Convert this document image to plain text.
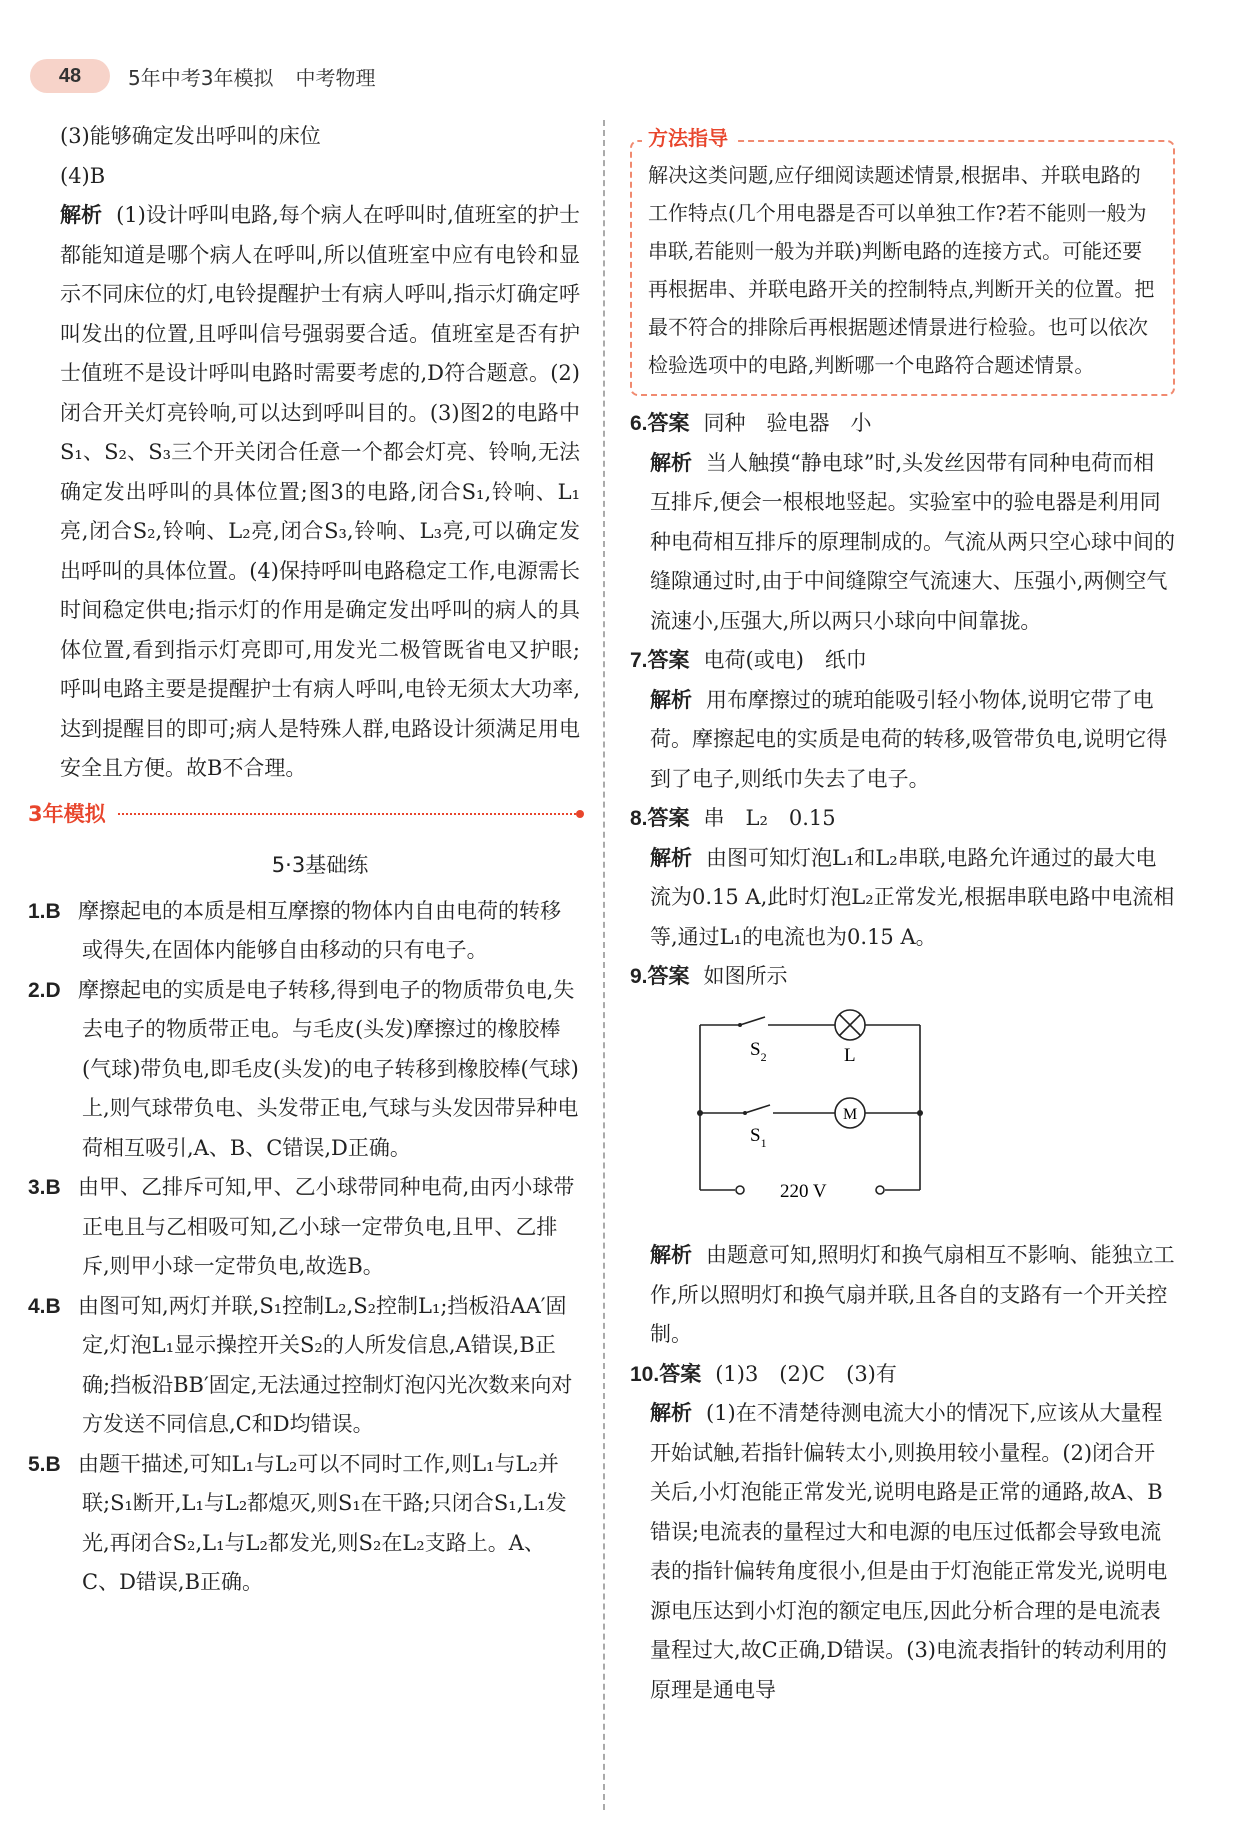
48	5年中考3年模拟 中考物理

(3)能够确定发出呼叫的床位

(4)B

解析 (1)设计呼叫电路,每个病人在呼叫时,值班室的护士都能知道是哪个病人在呼叫,所以值班室中应有电铃和显示不同床位的灯,电铃提醒护士有病人呼叫,指示灯确定呼叫发出的位置,且呼叫信号强弱要合适。值班室是否有护士值班不是设计呼叫电路时需要考虑的,D符合题意。(2)闭合开关灯亮铃响,可以达到呼叫目的。(3)图2的电路中S₁、S₂、S₃三个开关闭合任意一个都会灯亮、铃响,无法确定发出呼叫的具体位置;图3的电路,闭合S₁,铃响、L₁亮,闭合S₂,铃响、L₂亮,闭合S₃,铃响、L₃亮,可以确定发出呼叫的具体位置。(4)保持呼叫电路稳定工作,电源需长时间稳定供电;指示灯的作用是确定发出呼叫的病人的具体位置,看到指示灯亮即可,用发光二极管既省电又护眼;呼叫电路主要是提醒护士有病人呼叫,电铃无须太大功率,达到提醒目的即可;病人是特殊人群,电路设计须满足用电安全且方便。故B不合理。

3年模拟
5·3基础练

1.B 摩擦起电的本质是相互摩擦的物体内自由电荷的转移或得失,在固体内能够自由移动的只有电子。

2.D 摩擦起电的实质是电子转移,得到电子的物质带负电,失去电子的物质带正电。与毛皮(头发)摩擦过的橡胶棒(气球)带负电,即毛皮(头发)的电子转移到橡胶棒(气球)上,则气球带负电、头发带正电,气球与头发因带异种电荷相互吸引,A、B、C错误,D正确。

3.B 由甲、乙排斥可知,甲、乙小球带同种电荷,由丙小球带正电且与乙相吸可知,乙小球一定带负电,且甲、乙排斥,则甲小球一定带负电,故选B。

4.B 由图可知,两灯并联,S₁控制L₂,S₂控制L₁;挡板沿AA′固定,灯泡L₁显示操控开关S₂的人所发信息,A错误,B正确;挡板沿BB′固定,无法通过控制灯泡闪光次数来向对方发送不同信息,C和D均错误。

5.B 由题干描述,可知L₁与L₂可以不同时工作,则L₁与L₂并联;S₁断开,L₁与L₂都熄灭,则S₁在干路;只闭合S₁,L₁发光,再闭合S₂,L₁与L₂都发光,则S₂在L₂支路上。A、C、D错误,B正确。

方法指导

解决这类问题,应仔细阅读题述情景,根据串、并联电路的工作特点(几个用电器是否可以单独工作?若不能则一般为串联,若能则一般为并联)判断电路的连接方式。可能还要再根据串、并联电路开关的控制特点,判断开关的位置。把最不符合的排除后再根据题述情景进行检验。也可以依次检验选项中的电路,判断哪一个电路符合题述情景。

6.答案 同种　验电器　小

解析 当人触摸“静电球”时,头发丝因带有同种电荷而相互排斥,便会一根根地竖起。实验室中的验电器是利用同种电荷相互排斥的原理制成的。气流从两只空心球中间的缝隙通过时,由于中间缝隙空气流速大、压强小,两侧空气流速小,压强大,所以两只小球向中间靠拢。

7.答案 电荷(或电)　纸巾

解析 用布摩擦过的琥珀能吸引轻小物体,说明它带了电荷。摩擦起电的实质是电荷的转移,吸管带负电,说明它得到了电子,则纸巾失去了电子。

8.答案 串　L₂　0.15

解析 由图可知灯泡L₁和L₂串联,电路允许通过的最大电流为0.15 A,此时灯泡L₂正常发光,根据串联电路中电流相等,通过L₁的电流也为0.15 A。

9.答案 如图所示

$S_2$	L
$S_1$
M
220 V

解析 由题意可知,照明灯和换气扇相互不影响、能独立工作,所以照明灯和换气扇并联,且各自的支路有一个开关控制。

10.答案 (1)3　(2)C　(3)有

解析 (1)在不清楚待测电流大小的情况下,应该从大量程开始试触,若指针偏转太小,则换用较小量程。(2)闭合开关后,小灯泡能正常发光,说明电路是正常的通路,故A、B错误;电流表的量程过大和电源的电压过低都会导致电流表的指针偏转角度很小,但是由于灯泡能正常发光,说明电源电压达到小灯泡的额定电压,因此分析合理的是电流表量程过大,故C正确,D错误。(3)电流表指针的转动利用的原理是通电导
